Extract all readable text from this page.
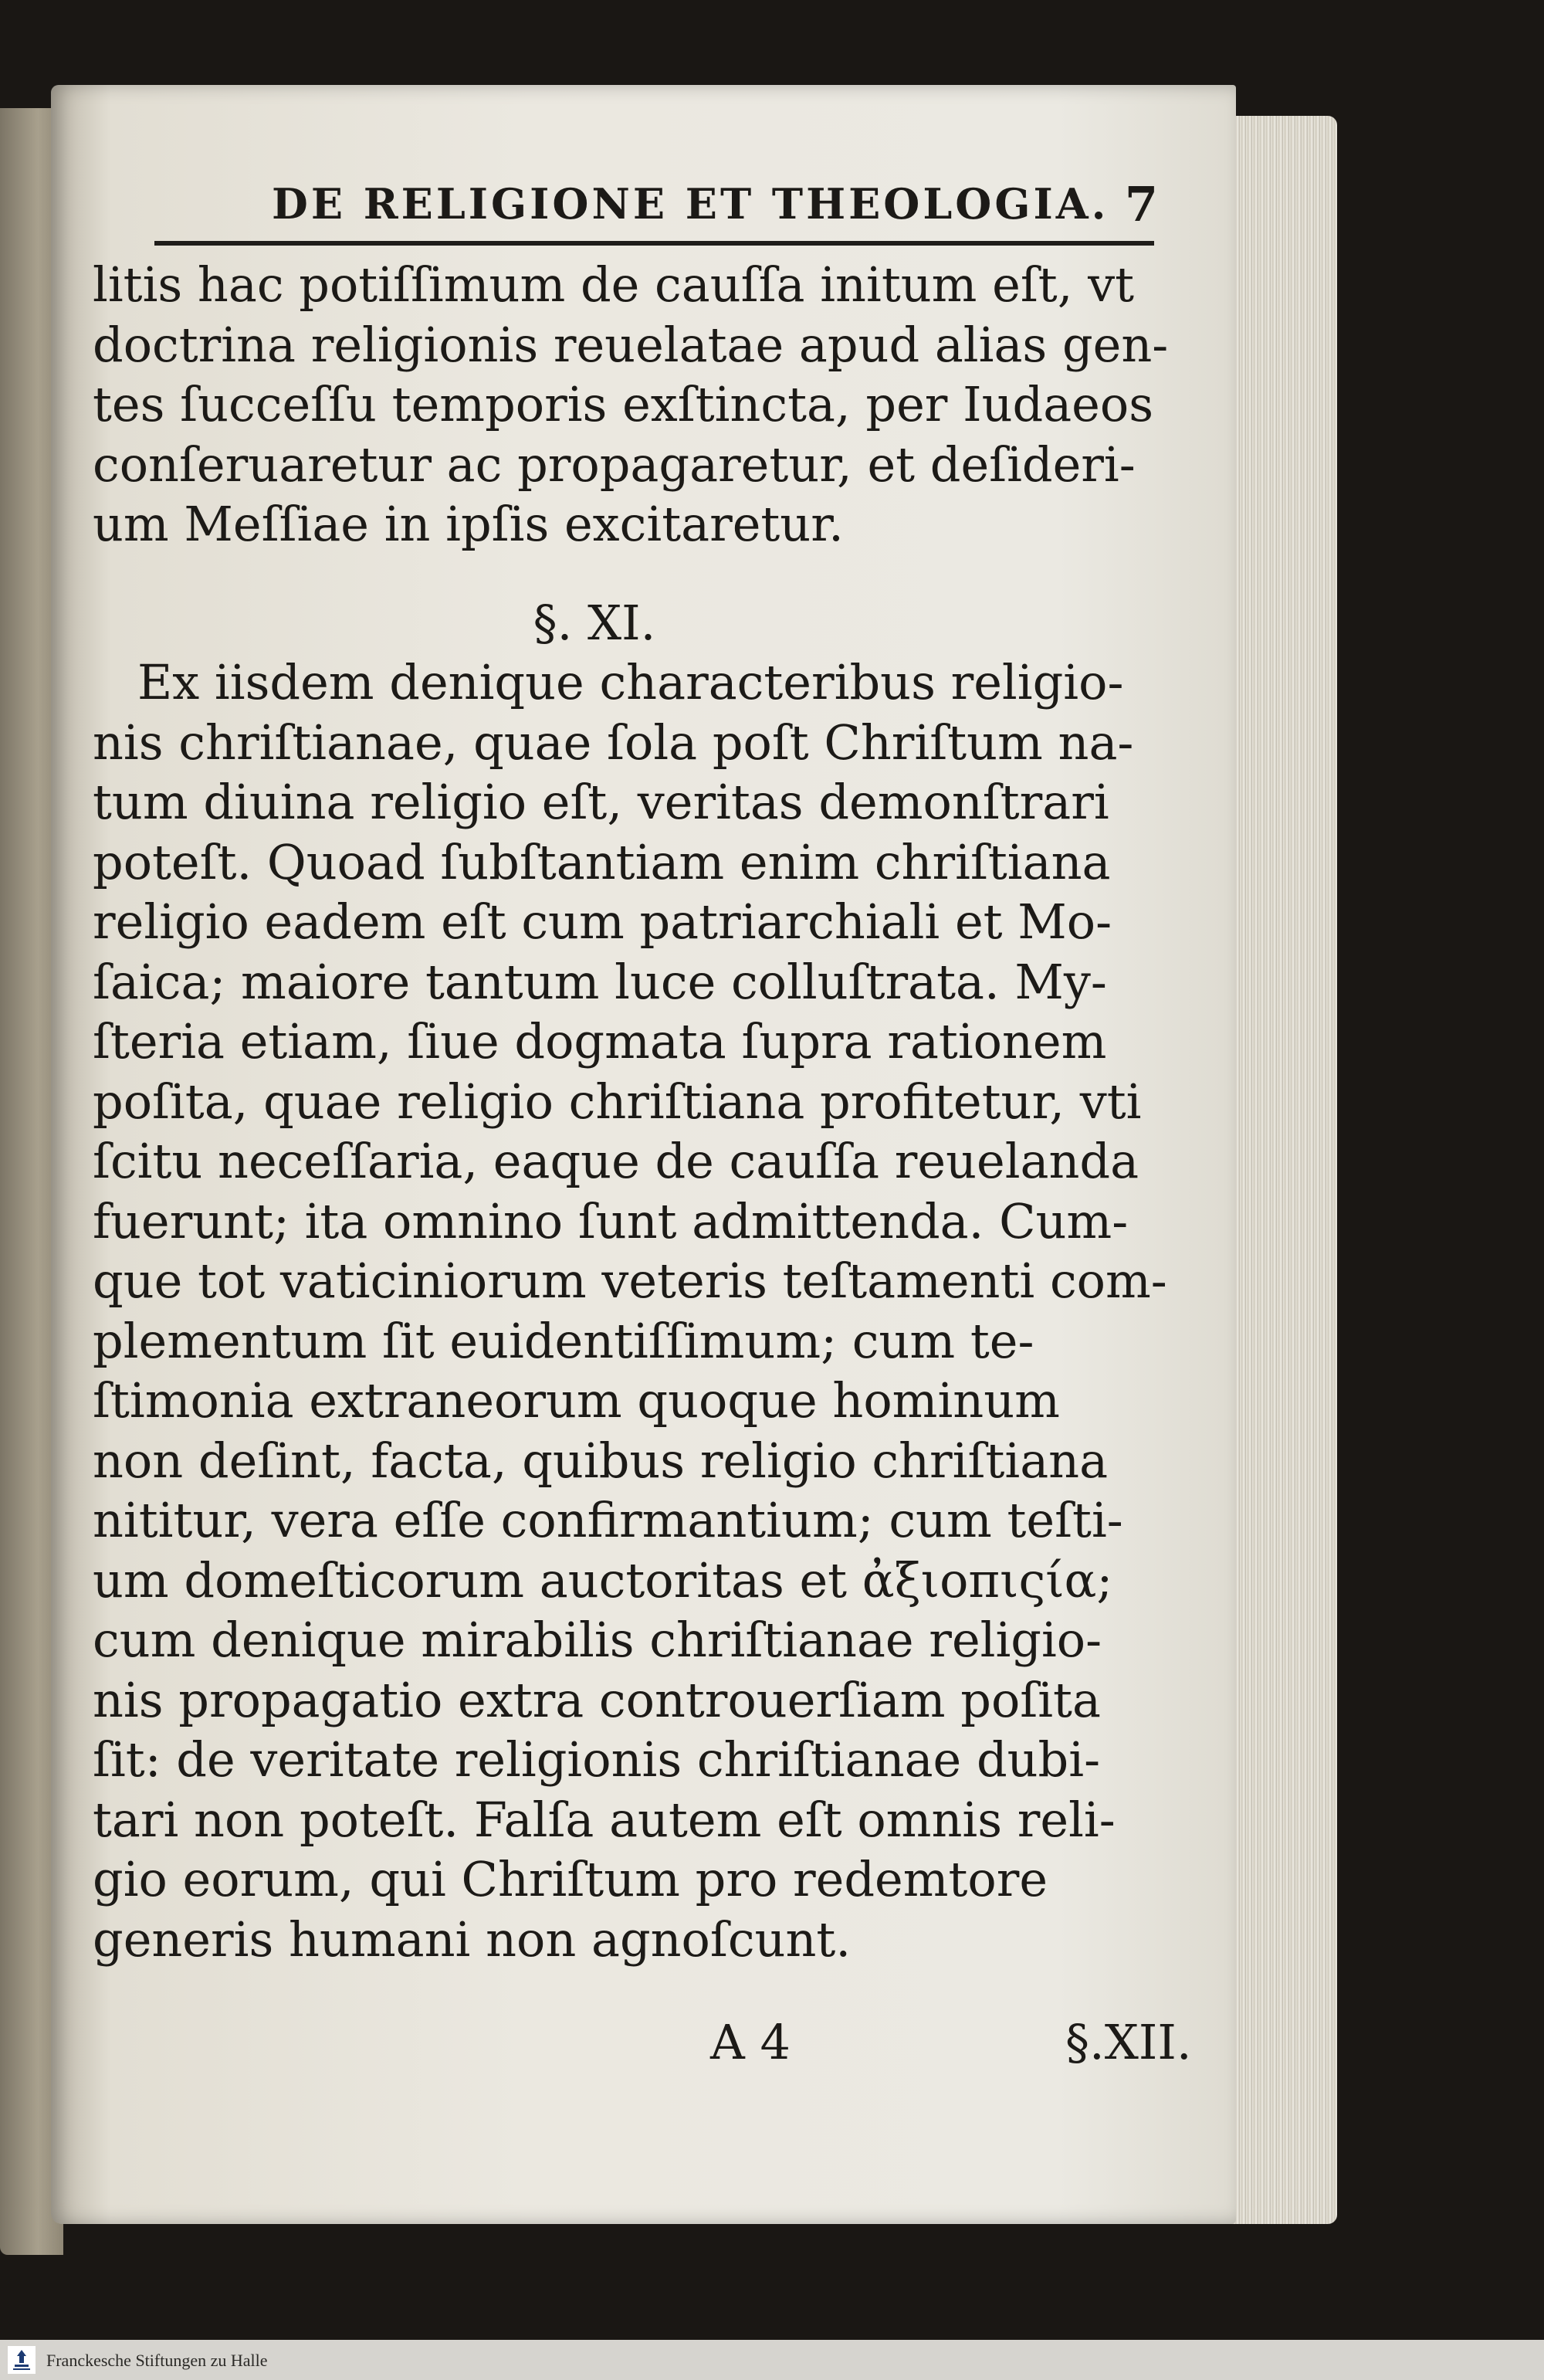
DE RELIGIONE ET THEOLOGIA. 7
litis hac potiſſimum de cauſſa initum eſt, vt
doctrina religionis reuelatae apud alias gen-
tes ſucceſſu temporis exſtincta, per Iudaeos
conſeruaretur ac propagaretur, et deſideri-
um Meſſiae in ipſis excitaretur.
§. XI.
Ex iisdem denique characteribus religio-
nis chriſtianae, quae ſola poſt Chriſtum na-
tum diuina religio eſt, veritas demonſtrari
poteſt. Quoad ſubſtantiam enim chriſtiana
religio eadem eſt cum patriarchiali et Mo-
ſaica; maiore tantum luce colluſtrata. My-
ſteria etiam, ſiue dogmata ſupra rationem
poſita, quae religio chriſtiana profitetur, vti
ſcitu neceſſaria, eaque de cauſſa reuelanda
fuerunt; ita omnino ſunt admittenda. Cum-
que tot vaticiniorum veteris teſtamenti com-
plementum ſit euidentiſſimum; cum te-
ſtimonia extraneorum quoque hominum
non deſint, facta, quibus religio chriſtiana
nititur, vera eſſe confirmantium; cum teſti-
um domeſticorum auctoritas et ἀξιοπιςία;
cum denique mirabilis chriſtianae religio-
nis propagatio extra controuerſiam poſita
ſit: de veritate religionis chriſtianae dubi-
tari non poteſt. Falſa autem eſt omnis reli-
gio eorum, qui Chriſtum pro redemtore
generis humani non agnoſcunt.
A 4	§.XII.
Franckesche Stiftungen zu Halle
